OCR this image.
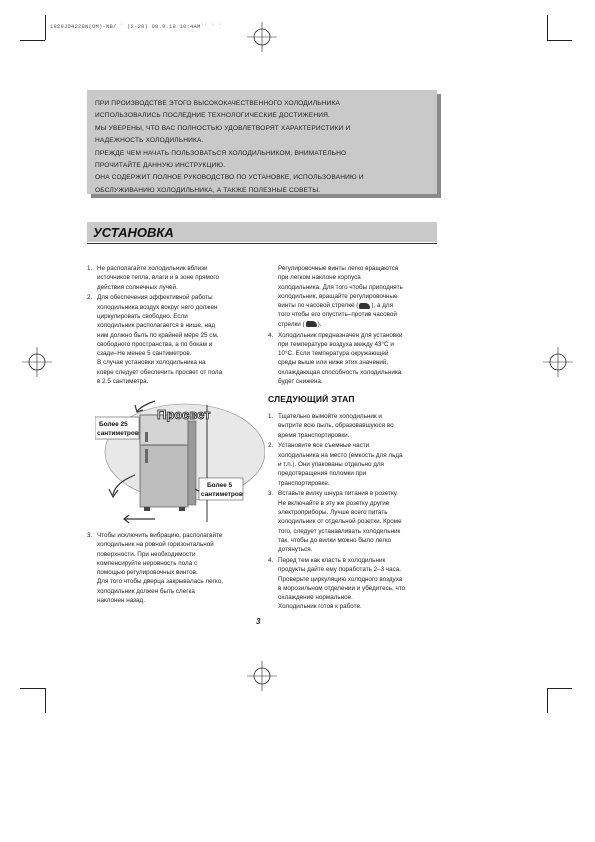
1829JD4228N(OM)-NB/ ` (2-20) 00.9.18 10:4AM`` ` `
ПРИ ПРОИЗВОДСТВЕ ЭТОГО ВЫСОКОКАЧЕСТВЕННОГО ХОЛОДИЛЬНИКА
ИСПОЛЬЗОВАЛИСЬ ПОСЛЕДНИЕ ТЕХНОЛОГИЧЕСКИЕ ДОСТИЖЕНИЯ.
МЫ УВЕРЕНЫ, ЧТО ВАС ПОЛНОСТЬЮ УДОВЛЕТВОРЯТ ХАРАКТЕРИСТИКИ И
НАДЕЖНОСТЬ ХОЛОДИЛЬНИКА.
ПРЕЖДЕ ЧЕМ НАЧАТЬ ПОЛЬЗОВАТЬСЯ ХОЛОДИЛЬНИКОМ, ВНИМАТЕЛЬНО
ПРОЧИТАЙТЕ ДАННУЮ ИНСТРУКЦИЮ.
ОНА СОДЕРЖИТ ПОЛНОЕ РУКОВОДСТВО ПО УСТАНОВКЕ, ИСПОЛЬЗОВАНИЮ И
ОБСЛУЖИВАНИЮ ХОЛОДИЛЬНИКА, А ТАКЖЕ ПОЛЕЗНЫЕ СОВЕТЫ.
УСТАНОВКА
1. Не располагайте холодильник вблизи
источников тепла, влаги и в зоне прямого
действия солнечных лучей.
2. Для обеспечения эффективной работы
холодильника воздух вокруг него должен
циркулировать свободно. Если
холодильник располагается в нише, над
ним должно быть по крайней мере 25 см.
свободного пространства, а по бокам и
сзади–Не менее 5 сантиметров.
В случае установки холодильника на
ковре следует обеспечить просвет от пола
в 2.5 сантиметра.
Просвет
Более 25
сантиметров
Более 5
сантиметров
3. Чтобы исключить вибрацию, располагайте
холодильник на ровной горизонтальной
поверхности. При необходимости
компенсируйте неровность пола с
помощью регулировочных винтов.
Для того чтобы дверца закрывалась легко,
холодильник должен быть слегка
наклонен назад.
Регулировочные винты легко вращаются
при легком наклоне корпуса
холодильника. Для того чтобы приподнять
холодильник, вращайте регулировочные
винты по часовой стрелке ( ), а для
того чтобы его опустить–против часовой
стрелки ( ).
4. Холодильник предназначен для установки
при температуре воздуха между 43°C и
10°C. Если температура окружающей
среды выше или ниже этих значений,
охлаждающая способность холодильника
будет снижена.
СЛЕДУЮЩИЙ ЭТАП
1. Тщательно вымойте холодильник и
вытрите всю пыль, образовавшуюся во
время транспортировки.
2. Установите все съемные части
холодильника на место (емкость для льда
и т.п.). Они упакованы отдельно для
предотвращения поломки при
транспортировке.
3. Вставьте вилку шнура питания в розетку.
Не включайте в эту же розетку другие
электроприборы. Лучше всего питать
холодильник от отдельной розетки. Кроме
того, следует устанавливать холодильник
так, чтобы до вилки можно было легко
дотянуться.
4. Перед тем как класть в холодильник
продукты дайте ему поработать 2–3 часа.
Проверьте циркуляцию холодного воздуха
в морозильном отделении и убедитесь, что
охлаждение нормальное.
Холодильник готов к работе.
3
